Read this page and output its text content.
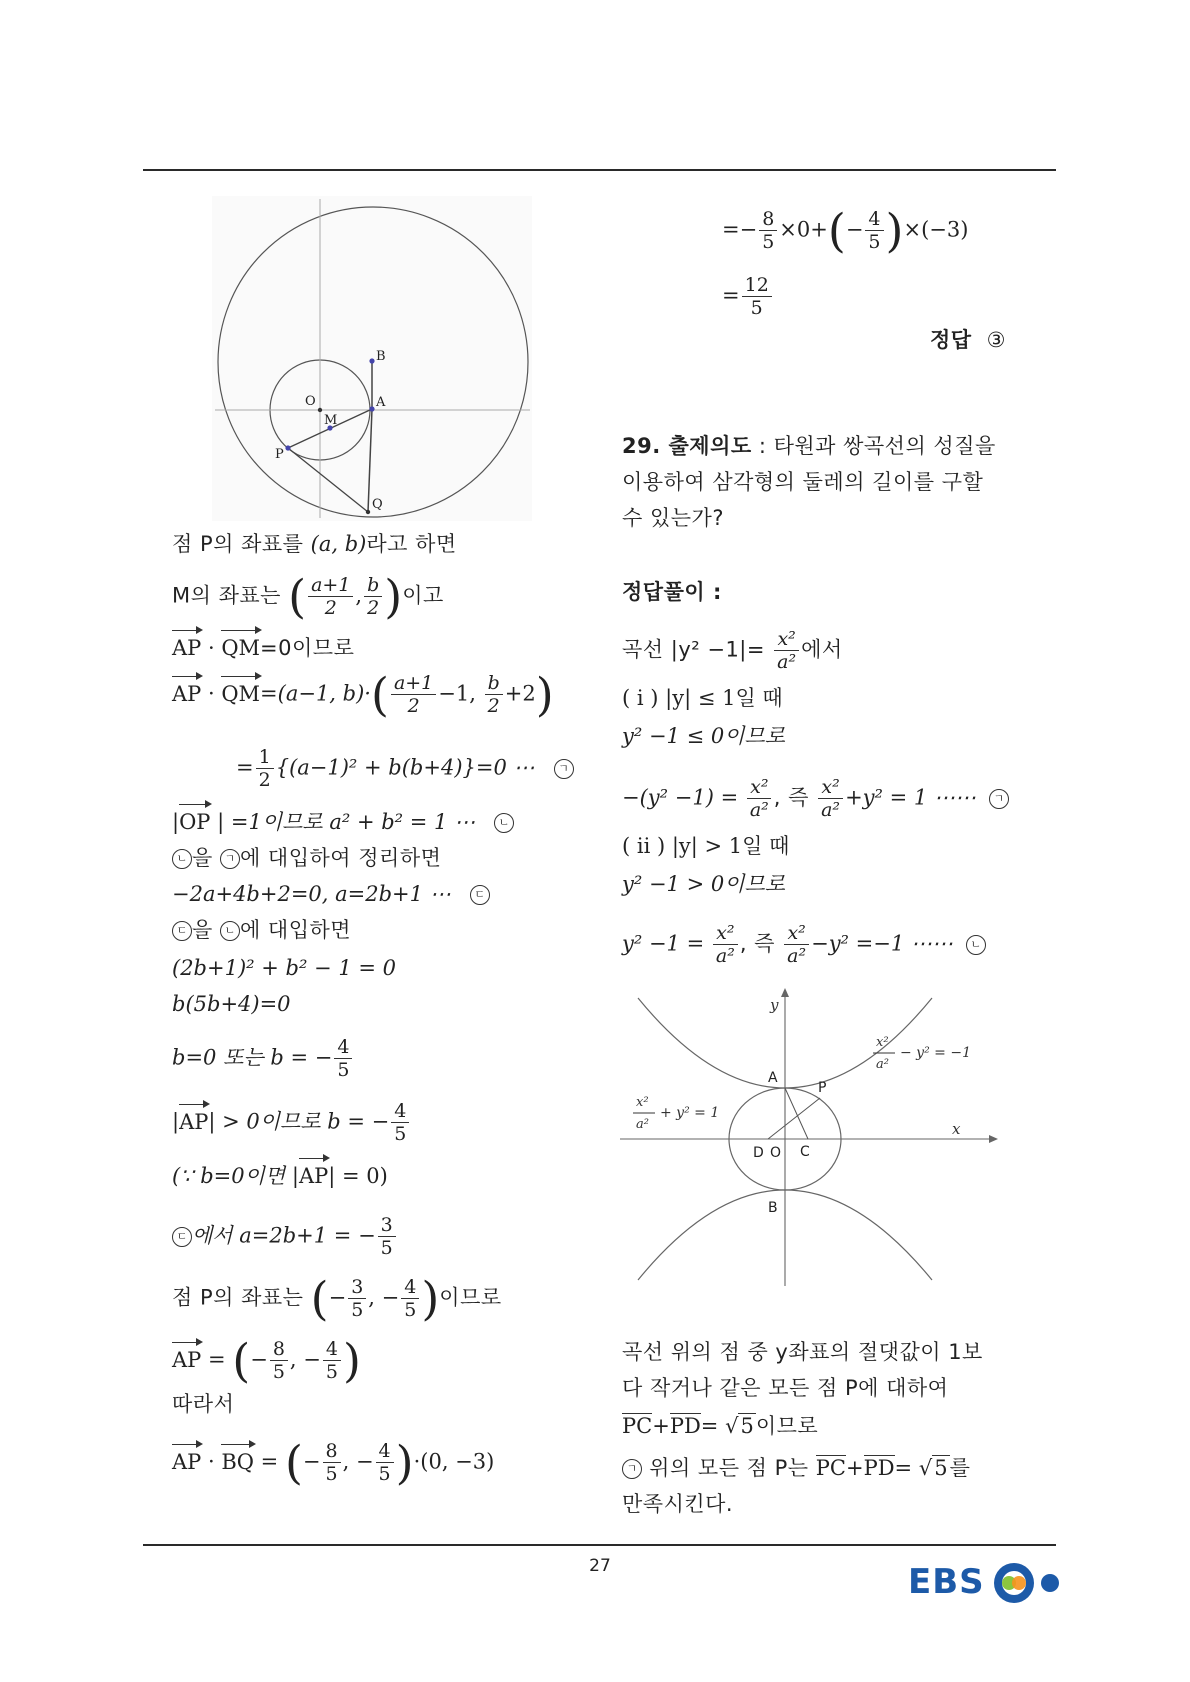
B
O	A
M
P
Q
점 P의 좌표를 (a, b)라고 하면
M의 좌표는 ( $\frac{a+1}{2}$ , $\frac{b}{2}$ )이고
AP · QM=0이므로
AP · QM=(a−1, $b)\cdot( \frac{a+1}{2} -1$, $\frac{b}{2} +2$)
= $\frac{1}{2} \{(a-1)^2 + b(b+4)\}=0$ ⋯ ㄱ
|OP | =1이므로 a² + b² = 1 ⋯ ㄴ
ㄴ 을 ㄱ 에 대입하여 정리하면
−2a+4b+2=0, a=2b+1 ⋯ ㄷ
ㄷ 을 ㄴ 에 대입하면
(2b+1)² + b² − 1 = 0
b(5b+4)=0
b=0 또는 b = − $\frac{4}{5}$
|AP| > 0이므로 b = − $\frac{4}{5}$
(∵ b=0이면 |AP| = 0)
ㄷ 에서 a=2b+1 = − $\frac{3}{5}$
점 P의 좌표는 (− $\frac{3}{5}$ , − $\frac{4}{5}$ )이므로
AP = (− $\frac{8}{5}$ , − $\frac{4}{5}$ )
따라서
AP · BQ = (− $\frac{8}{5}$ , − $\frac{4}{5} )\cdot(0$, −3)
=− $\frac{8}{5} \times 0+(- \frac{4}{5} )\times(-3)$
= $\frac{12}{5}$
정답 ③
29. 출제의도 : 타원과 쌍곡선의 성질을
이용하여 삼각형의 둘레의 길이를 구할
수 있는가?
정답풀이 :
곡선 $|y^2 -1|= \frac{\text{x²}}{\text{a²}}$ 에서
( i ) |y| ≤ 1일 때
y² −1 ≤ 0이므로
$-(y^2 -1) = \frac{\text{x²}}{\text{a²}}$ , 즉 $\frac{\text{x²}}{\text{a²}} +y^2 = 1$ ⋯⋯ ㄱ
( ii ) |y| > 1일 때
y² −1 > 0이므로
$y^2 -1 = \frac{\text{x²}}{\text{a²}}$ , 즉 $\frac{\text{x²}}{\text{a²}} -y^2 =-1$ ⋯⋯ ㄴ
y
x
A
B
P
C
D O
x²
a²
− y² = −1
x²
a²
+ y² = 1
곡선 위의 점 중 y좌표의 절댓값이 1보
다 작거나 같은 모든 점 P에 대하여
PC+PD= √5이므로
ㄱ 위의 모든 점 P는 PC+PD= √5를
만족시킨다.
27	EBS
